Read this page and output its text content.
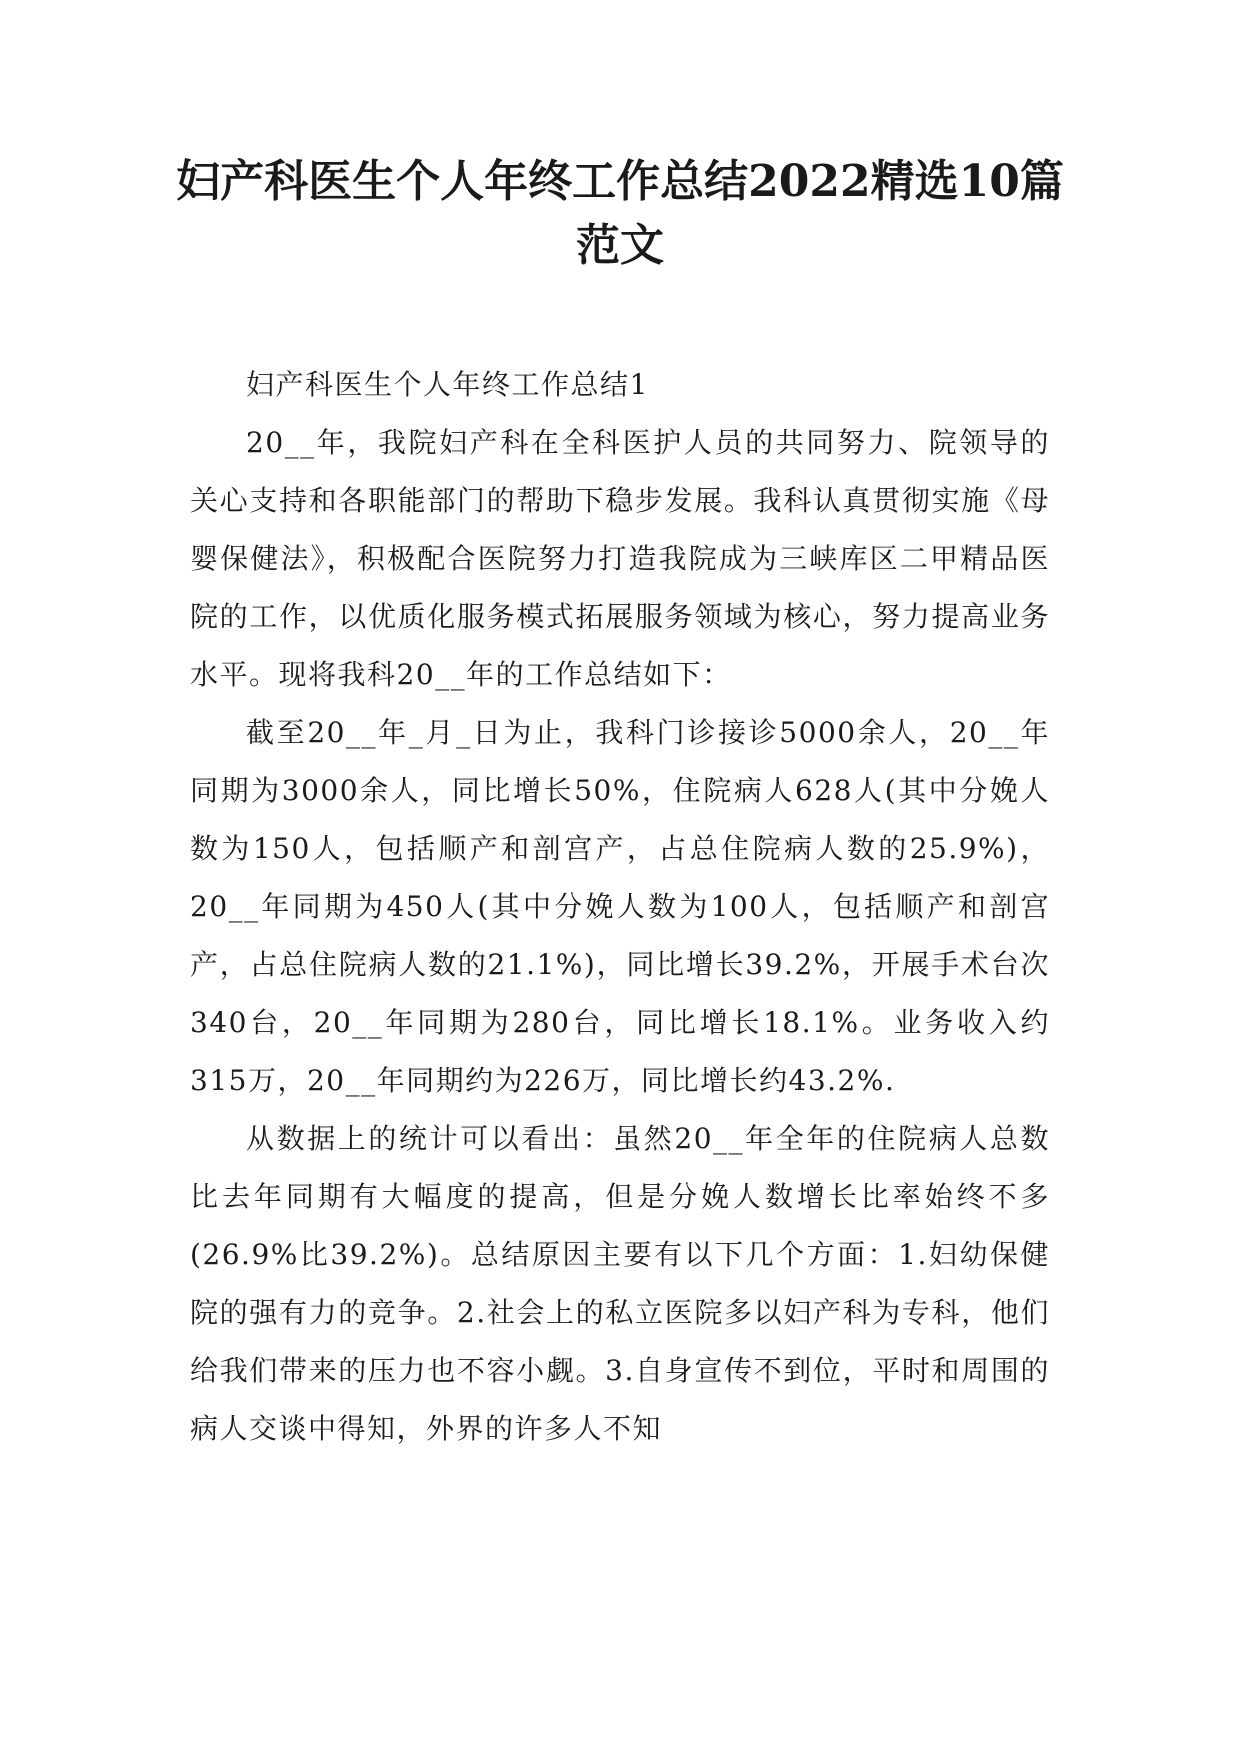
妇产科医生个人年终工作总结2022精选10篇范文

妇产科医生个人年终工作总结1

20__年，我院妇产科在全科医护人员的共同努力、院领导的关心支持和各职能部门的帮助下稳步发展。我科认真贯彻实施《母婴保健法》，积极配合医院努力打造我院成为三峡库区二甲精品医院的工作，以优质化服务模式拓展服务领域为核心，努力提高业务水平。现将我科20__年的工作总结如下：

截至20__年_月_日为止，我科门诊接诊5000余人，20__年同期为3000余人，同比增长50%，住院病人628人(其中分娩人数为150人，包括顺产和剖宫产，占总住院病人数的25.9%)，20__年同期为450人(其中分娩人数为100人，包括顺产和剖宫产，占总住院病人数的21.1%)，同比增长39.2%，开展手术台次340台，20__年同期为280台，同比增长18.1%。业务收入约315万，20__年同期约为226万，同比增长约43.2%.

从数据上的统计可以看出：虽然20__年全年的住院病人总数比去年同期有大幅度的提高，但是分娩人数增长比率始终不多(26.9%比39.2%)。总结原因主要有以下几个方面：1.妇幼保健院的强有力的竞争。2.社会上的私立医院多以妇产科为专科，他们给我们带来的压力也不容小觑。3.自身宣传不到位，平时和周围的病人交谈中得知，外界的许多人不知
